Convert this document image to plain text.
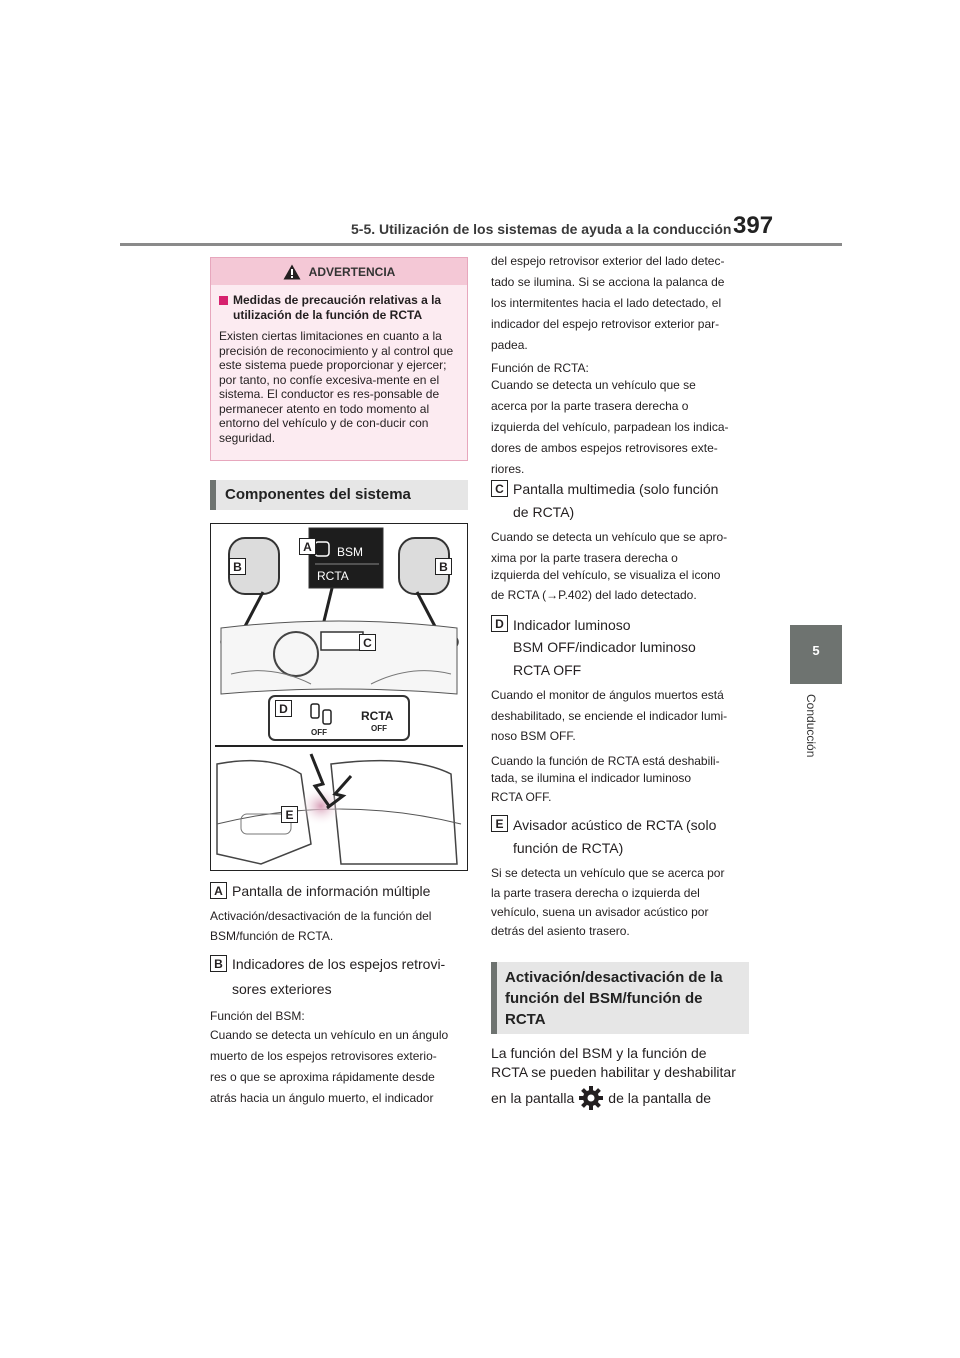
5-5. Utilización de los sistemas de ayuda a la conducción 397
5
Conducción
ADVERTENCIA
Medidas de precaución relativas a la utilización de la función de RCTA
Existen ciertas limitaciones en cuanto a la precisión de reconocimiento y al control que este sistema puede proporcionar y ejercer; por tanto, no confíe excesiva-mente en el sistema. El conductor es res-ponsable de permanecer atento en todo momento al entorno del vehículo y de con-ducir con seguridad.
Componentes del sistema
BSM
RCTA
OFF
RCTA
OFF
B	B
A
C
D
E
A Pantalla de información múltiple
Activación/desactivación de la función del
BSM/función de RCTA.
B Indicadores de los espejos retrovi-
sores exteriores
Función del BSM:
Cuando se detecta un vehículo en un ángulo
muerto de los espejos retrovisores exterio-
res o que se aproxima rápidamente desde
atrás hacia un ángulo muerto, el indicador
del espejo retrovisor exterior del lado detec-
tado se ilumina. Si se acciona la palanca de
los intermitentes hacia el lado detectado, el
indicador del espejo retrovisor exterior par-
padea.
Función de RCTA:
Cuando se detecta un vehículo que se
acerca por la parte trasera derecha o
izquierda del vehículo, parpadean los indica-
dores de ambos espejos retrovisores exte-
riores.
C Pantalla multimedia (solo función
de RCTA)
Cuando se detecta un vehículo que se apro-
xima por la parte trasera derecha o
izquierda del vehículo, se visualiza el icono
de RCTA (→P.402) del lado detectado.
D Indicador luminoso
BSM OFF/indicador luminoso
RCTA OFF
Cuando el monitor de ángulos muertos está
deshabilitado, se enciende el indicador lumi-
noso BSM OFF.
Cuando la función de RCTA está deshabili-
tada, se ilumina el indicador luminoso
RCTA OFF.
E Avisador acústico de RCTA (solo
función de RCTA)
Si se detecta un vehículo que se acerca por
la parte trasera derecha o izquierda del
vehículo, suena un avisador acústico por
detrás del asiento trasero.
Activación/desactivación de la función del BSM/función de RCTA
La función del BSM y la función de
RCTA se pueden habilitar y deshabilitar
en la pantalla de la pantalla de
